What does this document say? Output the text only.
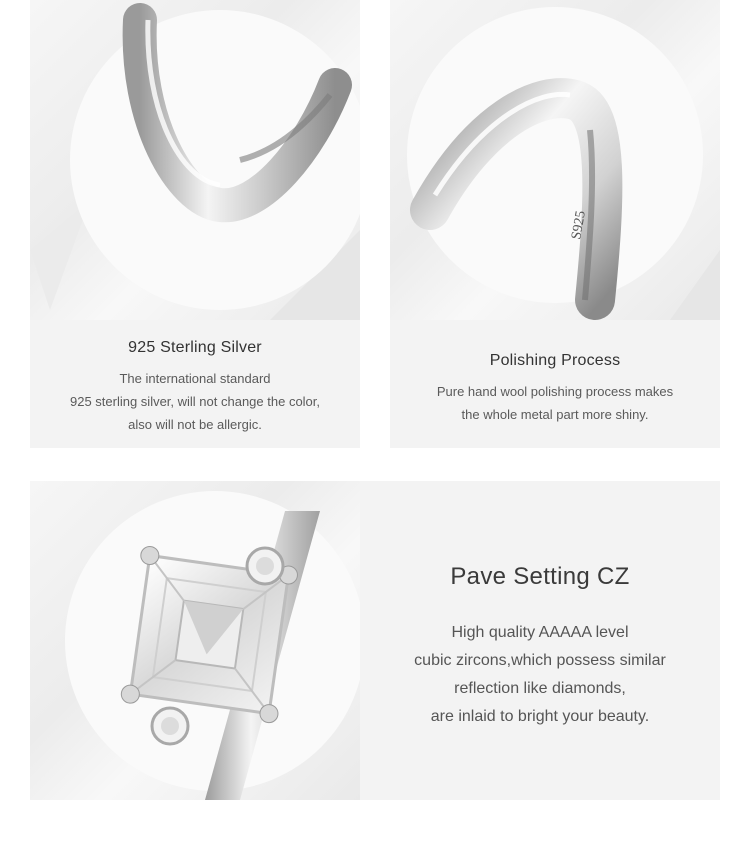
925 Sterling Silver
The international standard
925 sterling silver, will not change the color,
also will not be allergic.
S925
Polishing Process
Pure hand wool polishing process makes
the whole metal part more shiny.
Pave Setting CZ
High quality AAAAA level
cubic zircons,which possess similar
reflection like diamonds,
are inlaid to bright your beauty.
